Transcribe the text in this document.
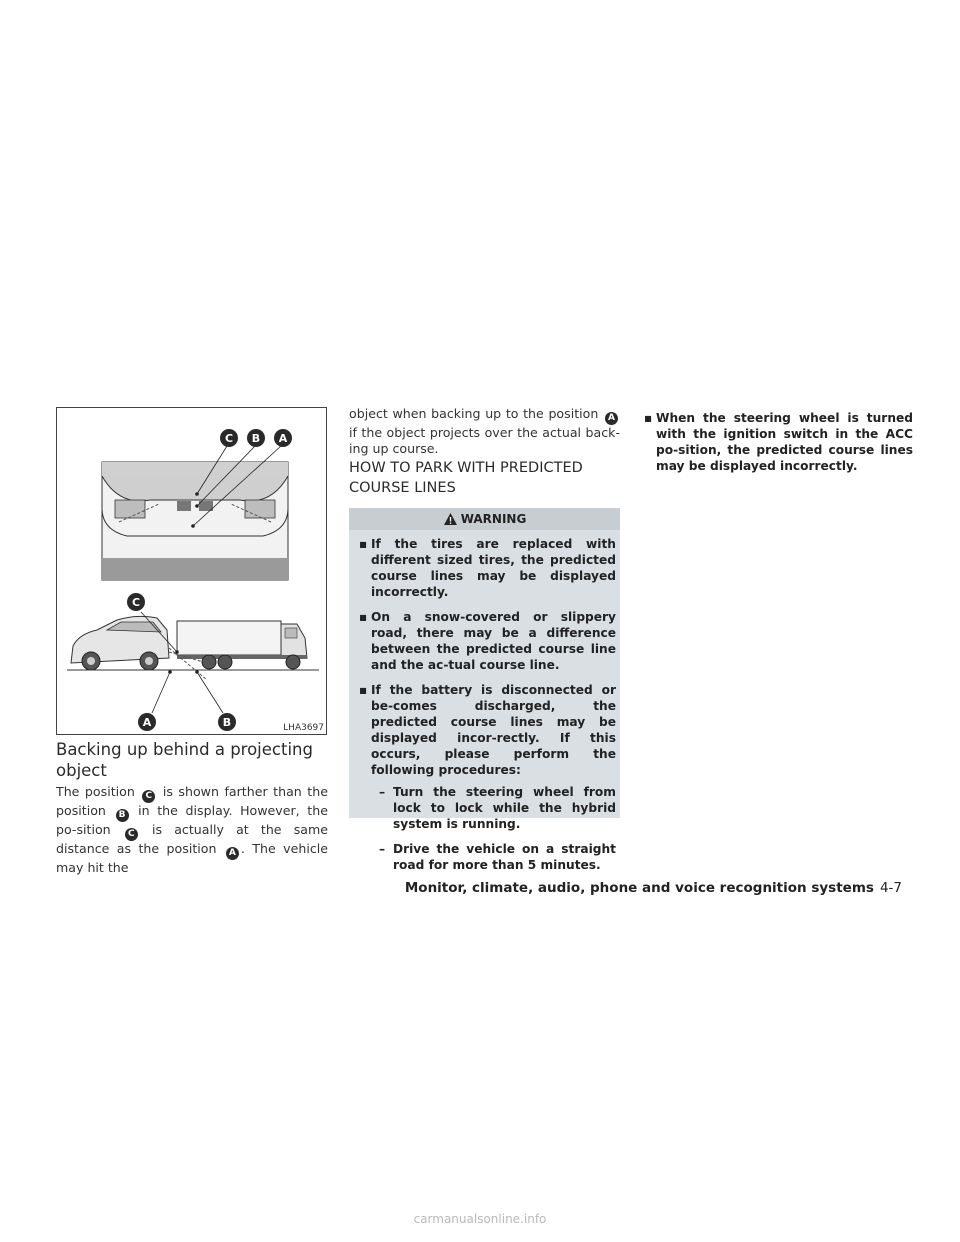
C B A
C
A	B	LHA3697
Backing up behind a projecting object
The position C is shown farther than the position B in the display. However, the po-sition C is actually at the same distance as the position A . The vehicle may hit the
object when backing up to the position A if the object projects over the actual back-ing up course.
HOW TO PARK WITH PREDICTED COURSE LINES
WARNING
▪ If the tires are replaced with different sized tires, the predicted course lines may be displayed incorrectly.
▪ On a snow-covered or slippery road, there may be a difference between the predicted course line and the ac-tual course line.
▪ If the battery is disconnected or be-comes discharged, the predicted course lines may be displayed incor-rectly. If this occurs, please perform the following procedures:
– Turn the steering wheel from lock to lock while the hybrid system is running.
– Drive the vehicle on a straight road for more than 5 minutes.
▪ When the steering wheel is turned with the ignition switch in the ACC po-sition, the predicted course lines may be displayed incorrectly.
Monitor, climate, audio, phone and voice recognition systems 4-7
carmanualsonline.info
